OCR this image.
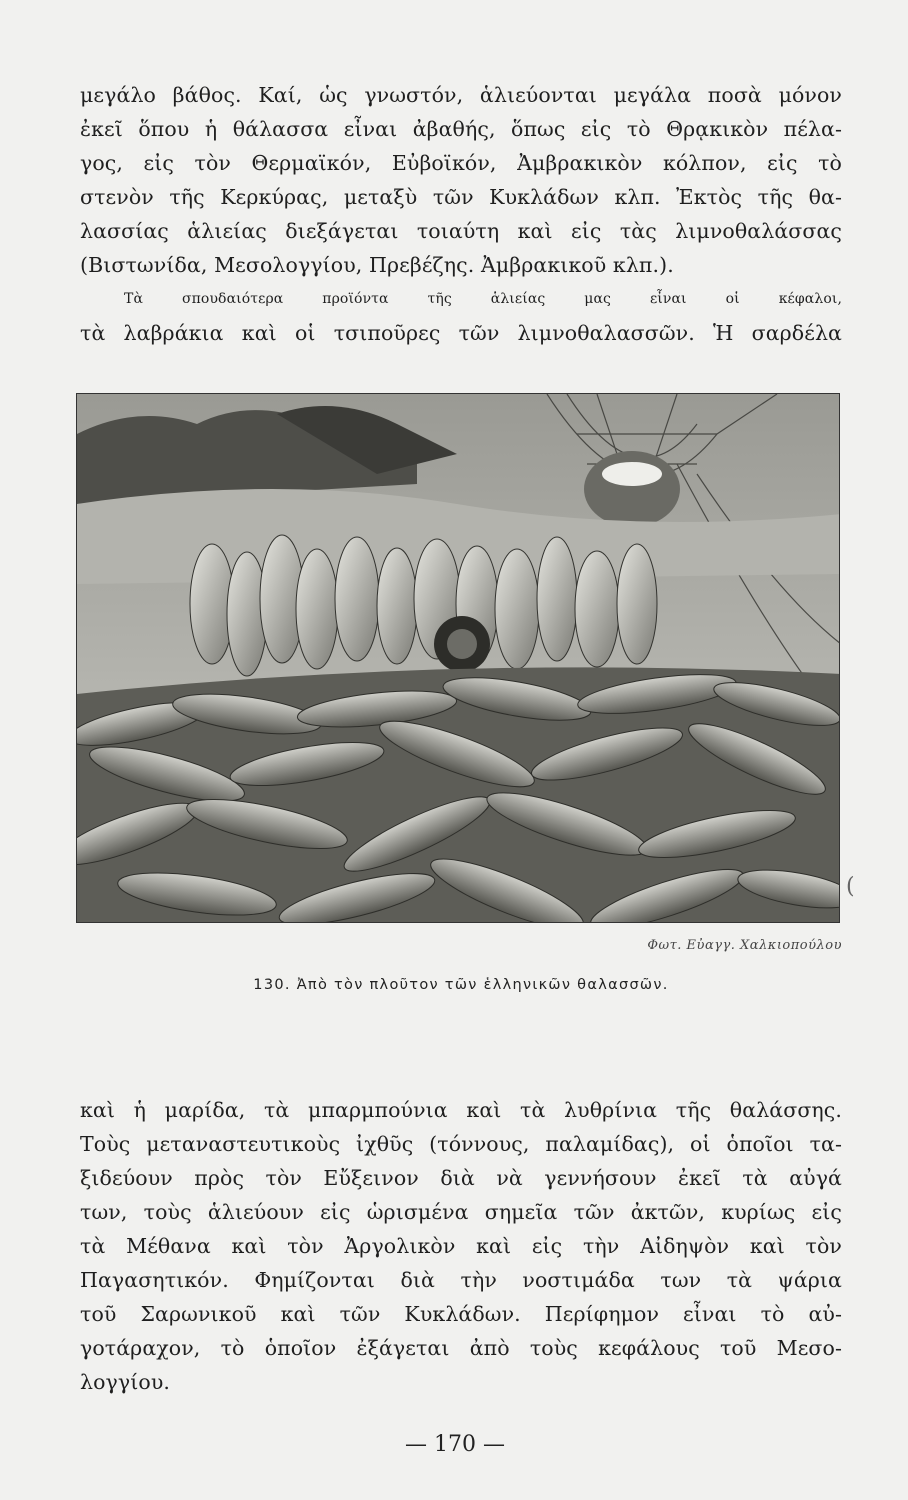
μεγάλο βάθος. Καί, ὡς γνωστόν, ἁλιεύονται μεγάλα ποσὰ μόνον
ἐκεῖ ὅπου ἡ θάλασσα εἶναι ἀβαθής, ὅπως εἰς τὸ Θρᾳκικὸν πέλα-
γος, εἰς τὸν Θερμαϊκόν, Εὐβοϊκόν, Ἀμβρακικὸν κόλπον, εἰς τὸ
στενὸν τῆς Κερκύρας, μεταξὺ τῶν Κυκλάδων κλπ. Ἐκτὸς τῆς θα-
λασσίας ἁλιείας διεξάγεται τοιαύτη καὶ εἰς τὰς λιμνοθαλάσσας
(Βιστωνίδα, Μεσολογγίου, Πρεβέζης. Ἀμβρακικοῦ κλπ.).
Τὰ σπουδαιότερα προϊόντα τῆς ἁλιείας μας εἶναι οἱ κέφαλοι,
τὰ λαβράκια καὶ οἱ τσιποῦρες τῶν λιμνοθαλασσῶν. Ἡ σαρδέλα
Φωτ. Εὐαγγ. Χαλκιοπούλου
130. Ἀπὸ τὸν πλοῦτον τῶν ἑλληνικῶν θαλασσῶν.
(
καὶ ἡ μαρίδα, τὰ μπαρμπούνια καὶ τὰ λυθρίνια τῆς θαλάσσης.
Τοὺς μεταναστευτικοὺς ἰχθῦς (τόννους, παλαμίδας), οἱ ὁποῖοι τα-
ξιδεύουν πρὸς τὸν Εὔξεινον διὰ νὰ γεννήσουν ἐκεῖ τὰ αὐγά
των, τοὺς ἁλιεύουν εἰς ὡρισμένα σημεῖα τῶν ἀκτῶν, κυρίως εἰς
τὰ Μέθανα καὶ τὸν Ἀργολικὸν καὶ εἰς τὴν Αἰδηψὸν καὶ τὸν
Παγασητικόν. Φημίζονται διὰ τὴν νοστιμάδα των τὰ ψάρια
τοῦ Σαρωνικοῦ καὶ τῶν Κυκλάδων. Περίφημον εἶναι τὸ αὐ-
γοτάραχον, τὸ ὁποῖον ἐξάγεται ἀπὸ τοὺς κεφάλους τοῦ Μεσο-
λογγίου.
— 170 —
